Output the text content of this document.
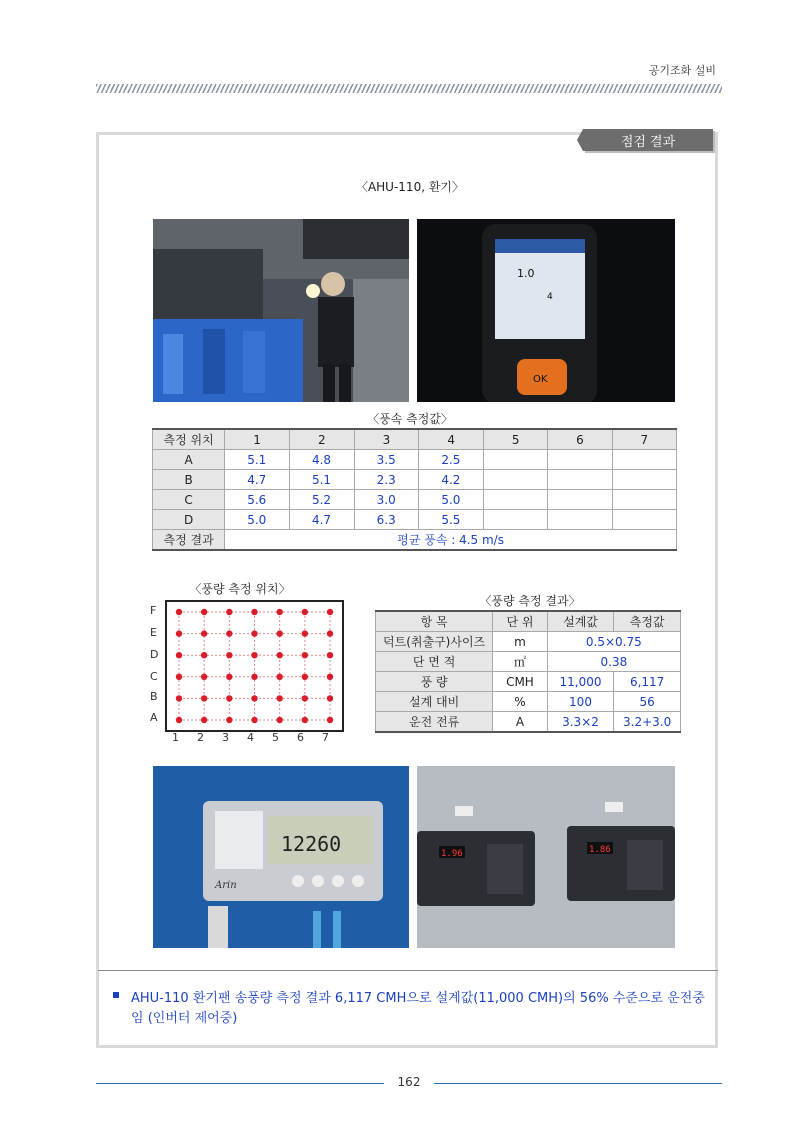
공기조화 설비
점검 결과
〈AHU-110, 환기〉
1.0
4
OK
〈풍속 측정값〉
측정 위치	1	2	3	4	5	6	7
A	5.1	4.8	3.5	2.5			
B	4.7	5.1	2.3	4.2			
C	5.6	5.2	3.0	5.0			
D	5.0	4.7	6.3	5.5			
측정 결과	평균 풍속 : 4.5 m/s						
〈풍량 측정 위치〉
F
E
D
C
B
A
1 2 3 4 5 6 7
〈풍량 측정 결과〉
항 목	단 위	설계값	측정값
덕트(취출구)사이즈	m	0.5×0.75	
단 면 적	㎡	0.38	
풍 량	CMH	11,000	6,117
설계 대비	%	100	56
운전 전류	A	3.3×2	3.2+3.0
12260
Arin
1.96	1.86
AHU-110 환기팬 송풍량 측정 결과 6,117 CMH으로 설계값(11,000 CMH)의 56% 수준으로 운전중임 (인버터 제어중)
162
